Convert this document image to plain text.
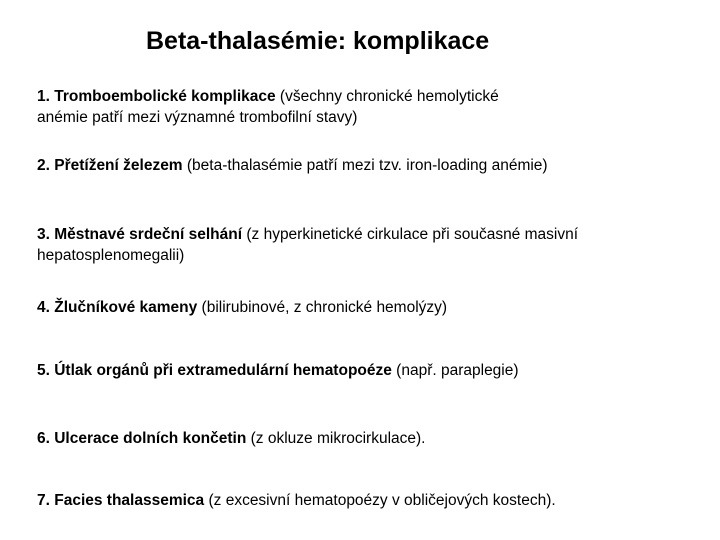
Beta-thalasémie: komplikace
1. Tromboembolické komplikace (všechny chronické hemolytické
anémie patří mezi významné trombofilní stavy)
2. Přetížení železem (beta-thalasémie patří mezi tzv. iron-loading anémie)
3. Městnavé srdeční selhání (z hyperkinetické cirkulace při současné masivní
hepatosplenomegalii)
4. Žlučníkové kameny (bilirubinové, z chronické hemolýzy)
5. Útlak orgánů při extramedulární hematopoéze (např. paraplegie)
6. Ulcerace dolních končetin (z okluze mikrocirkulace).
7. Facies thalassemica (z excesivní hematopoézy v obličejových kostech).
